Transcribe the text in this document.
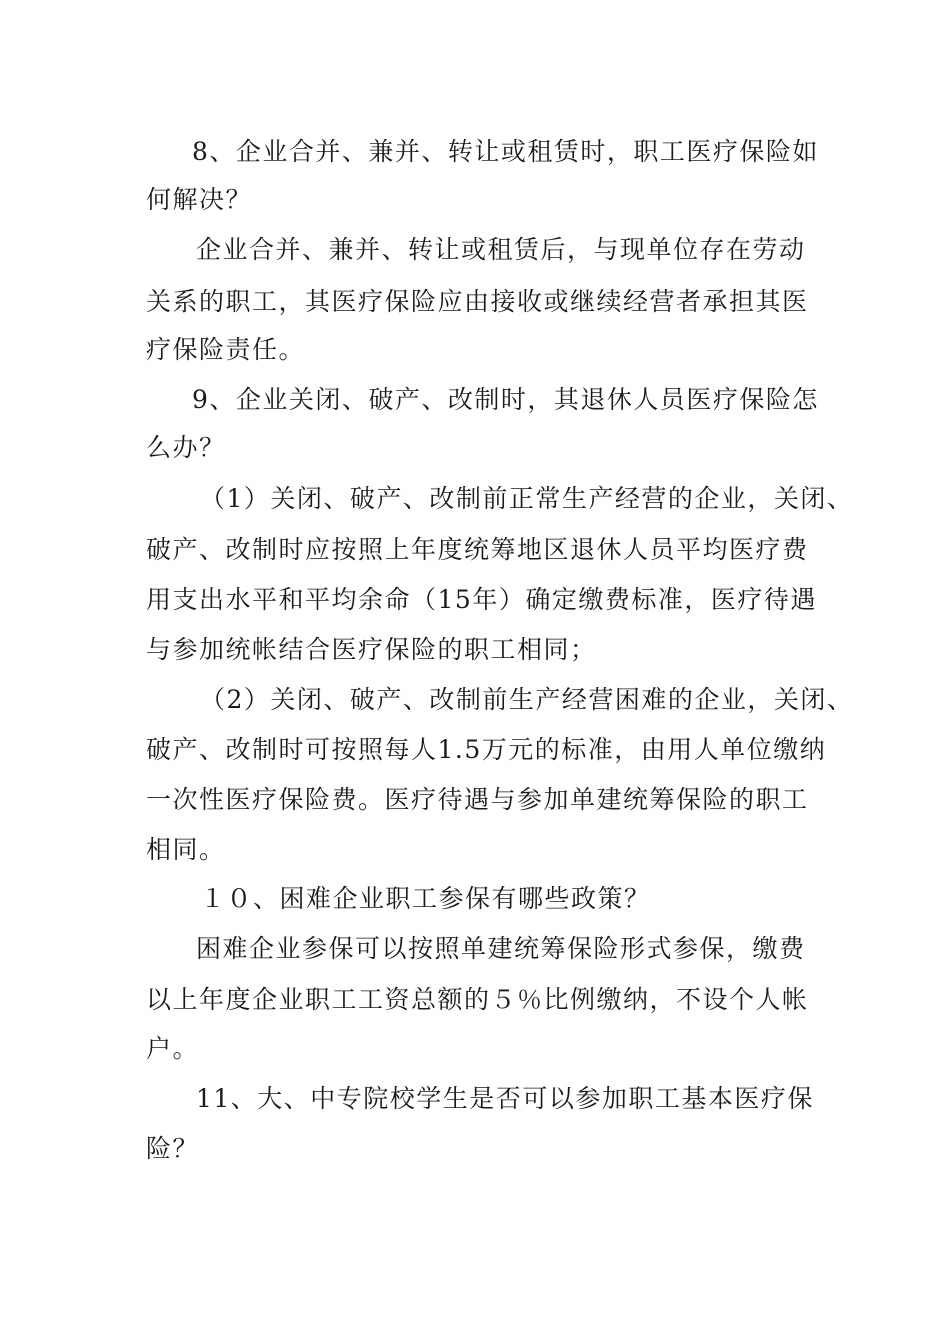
8、企业合并、兼并、转让或租赁时，职工医疗保险如
何解决？
企业合并、兼并、转让或租赁后，与现单位存在劳动
关系的职工，其医疗保险应由接收或继续经营者承担其医
疗保险责任。
9、企业关闭、破产、改制时，其退休人员医疗保险怎
么办？
（1）关闭、破产、改制前正常生产经营的企业，关闭、
破产、改制时应按照上年度统筹地区退休人员平均医疗费
用支出水平和平均余命（15年）确定缴费标准，医疗待遇
与参加统帐结合医疗保险的职工相同；
（2）关闭、破产、改制前生产经营困难的企业，关闭、
破产、改制时可按照每人1.5万元的标准，由用人单位缴纳
一次性医疗保险费。医疗待遇与参加单建统筹保险的职工
相同。
１０、困难企业职工参保有哪些政策？
困难企业参保可以按照单建统筹保险形式参保，缴费
以上年度企业职工工资总额的５％比例缴纳，不设个人帐
户。
11、大、中专院校学生是否可以参加职工基本医疗保
险？
